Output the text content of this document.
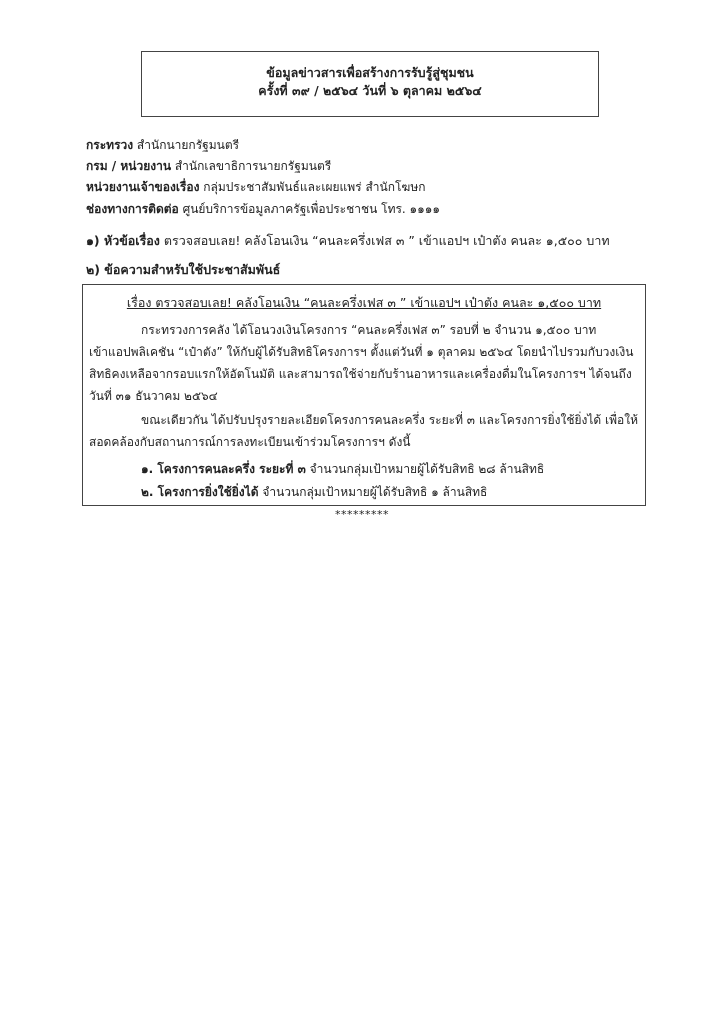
ข้อมูลข่าวสารเพื่อสร้างการรับรู้สู่ชุมชน
ครั้งที่ ๓๙ / ๒๕๖๔ วันที่ ๖ ตุลาคม ๒๕๖๔
กระทรวง สำนักนายกรัฐมนตรี
กรม / หน่วยงาน สำนักเลขาธิการนายกรัฐมนตรี
หน่วยงานเจ้าของเรื่อง กลุ่มประชาสัมพันธ์และเผยแพร่ สำนักโฆษก
ช่องทางการติดต่อ ศูนย์บริการข้อมูลภาครัฐเพื่อประชาชน โทร. ๑๑๑๑
๑) หัวข้อเรื่อง ตรวจสอบเลย! คลังโอนเงิน “คนละครึ่งเฟส ๓ ” เข้าแอปฯ เป๋าตัง คนละ ๑,๕๐๐ บาท
๒) ข้อความสำหรับใช้ประชาสัมพันธ์
เรื่อง ตรวจสอบเลย! คลังโอนเงิน “คนละครึ่งเฟส ๓ ” เข้าแอปฯ เป๋าตัง คนละ ๑,๕๐๐ บาท
กระทรวงการคลัง ได้โอนวงเงินโครงการ “คนละครึ่งเฟส ๓” รอบที่ ๒ จำนวน ๑,๕๐๐ บาท
เข้าแอปพลิเคชัน “เป๋าตัง” ให้กับผู้ได้รับสิทธิโครงการฯ ตั้งแต่วันที่ ๑ ตุลาคม ๒๕๖๔ โดยนำไปรวมกับวงเงิน
สิทธิคงเหลือจากรอบแรกให้อัตโนมัติ และสามารถใช้จ่ายกับร้านอาหารและเครื่องดื่มในโครงการฯ ได้จนถึง
วันที่ ๓๑ ธันวาคม ๒๕๖๔
ขณะเดียวกัน ได้ปรับปรุงรายละเอียดโครงการคนละครึ่ง ระยะที่ ๓ และโครงการยิ่งใช้ยิ่งได้ เพื่อให้
สอดคล้องกับสถานการณ์การลงทะเบียนเข้าร่วมโครงการฯ ดังนี้
๑. โครงการคนละครึ่ง ระยะที่ ๓ จำนวนกลุ่มเป้าหมายผู้ได้รับสิทธิ ๒๘ ล้านสิทธิ
๒. โครงการยิ่งใช้ยิ่งได้ จำนวนกลุ่มเป้าหมายผู้ได้รับสิทธิ ๑ ล้านสิทธิ
*********
